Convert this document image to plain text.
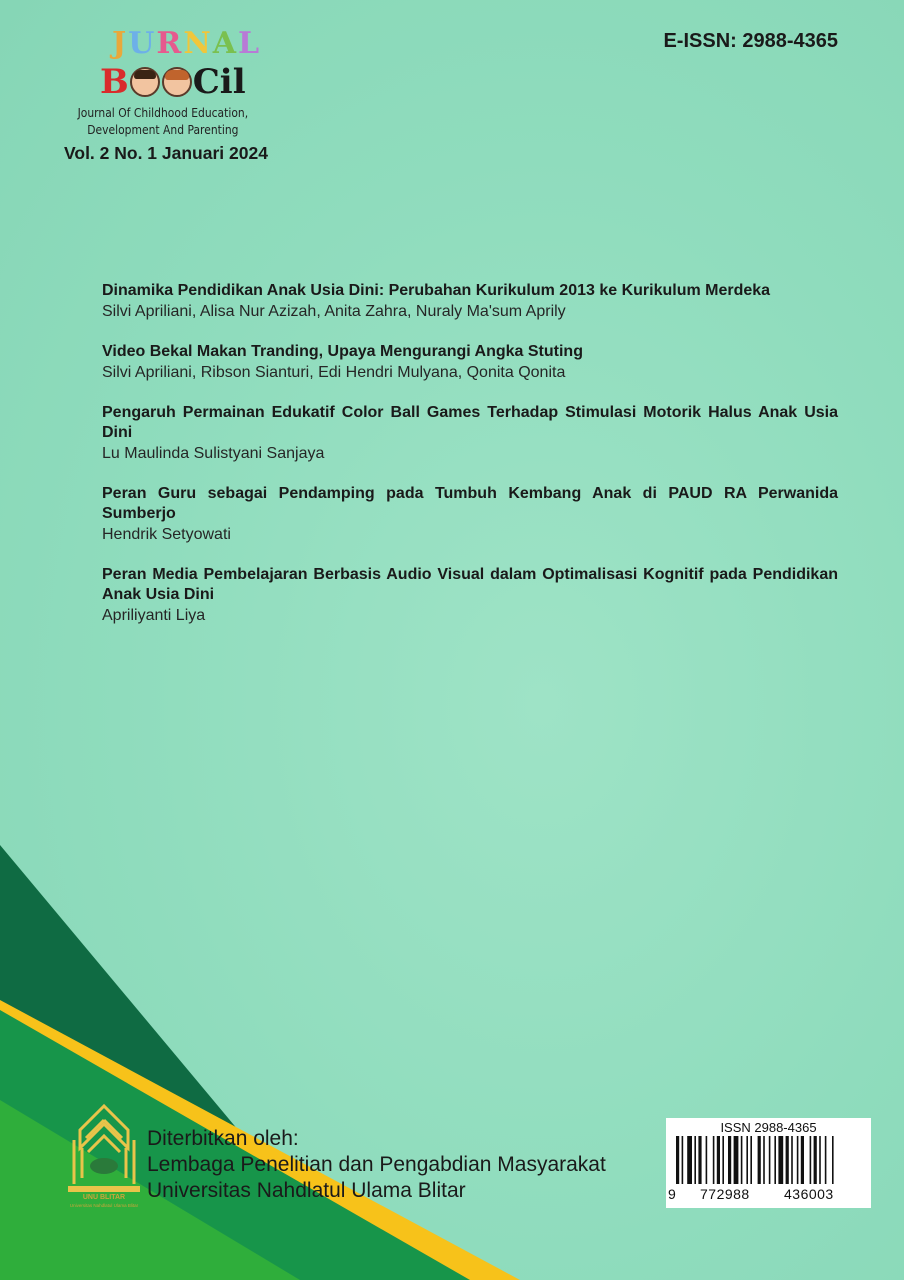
JURNAL
B Cil
Journal Of Childhood Education,
Development And Parenting
Vol. 2 No. 1 Januari 2024
E-ISSN: 2988-4365
Dinamika Pendidikan Anak Usia Dini: Perubahan Kurikulum 2013 ke Kurikulum Merdeka
Silvi Apriliani, Alisa Nur Azizah, Anita Zahra, Nuraly Ma'sum Aprily
Video Bekal Makan Tranding, Upaya Mengurangi Angka Stuting
Silvi Apriliani, Ribson Sianturi, Edi Hendri Mulyana, Qonita Qonita
Pengaruh Permainan Edukatif Color Ball Games Terhadap Stimulasi Motorik Halus Anak Usia Dini
Lu Maulinda Sulistyani Sanjaya
Peran Guru sebagai Pendamping pada Tumbuh Kembang Anak di PAUD RA Perwanida Sumberjo
Hendrik Setyowati
Peran Media Pembelajaran Berbasis Audio Visual dalam Optimalisasi Kognitif pada Pendidikan Anak Usia Dini
Apriliyanti Liya
UNU BLITAR
Universitas Nahdlatul Ulama Blitar
Diterbitkan oleh:
Lembaga Penelitian dan Pengabdian Masyarakat
Universitas Nahdlatul Ulama Blitar
ISSN 2988-4365
9 772988 436003
